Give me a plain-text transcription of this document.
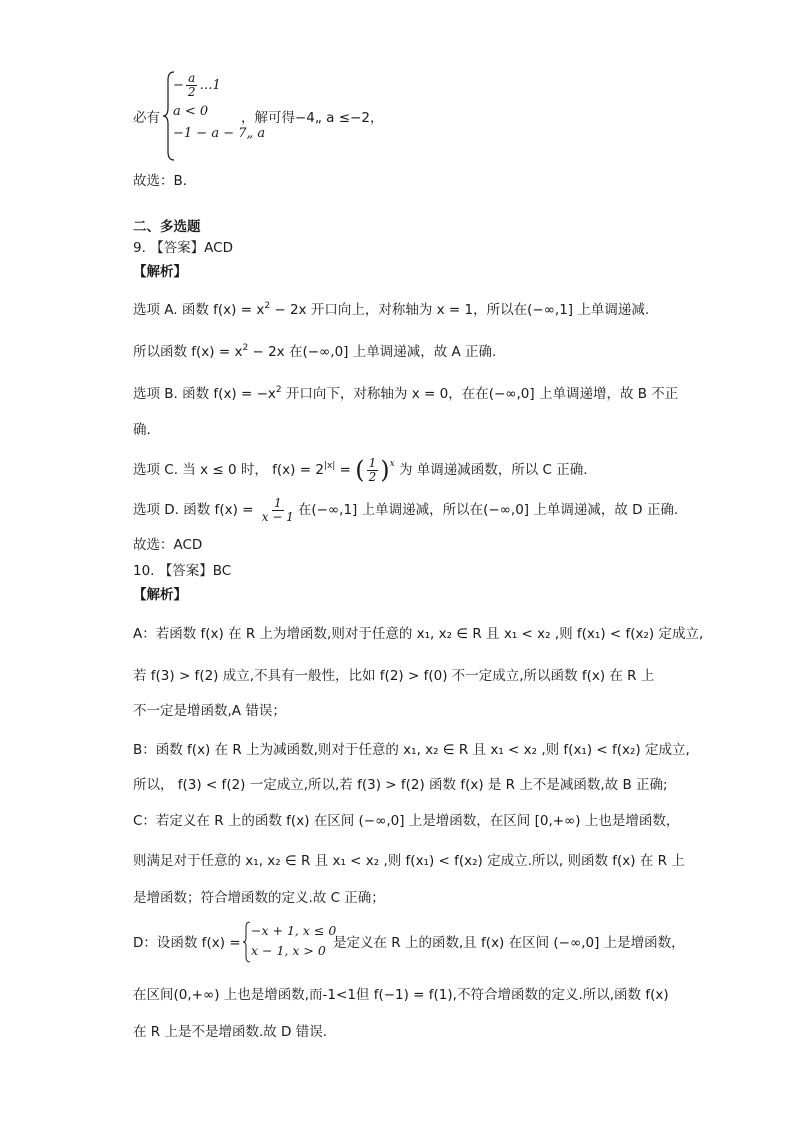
必有
− $\frac{a}{2}$ …1
a < 0
−1 − a − 7„ a
，解可得−4„ a ≤−2，
故选：B．
二、多选题
9. 【答案】ACD
【解析】
选项 A. 函数 $f(x) = x^2 - 2x$ 开口向上，对称轴为 x = 1，所以在(−∞,1] 上单调递减.
所以函数 $f(x) = x^2 - 2x$ 在(−∞,0] 上单调递减，故 A 正确.
选项 B. 函数 $f(x) = -x^2$ 开口向下，对称轴为 x = 0，在在(−∞,0] 上单调递增，故 B 不正
确.
选项 C. 当 x ≤ 0 时， $f(x) = 2^{|x|}$ = ( $\frac{1}{2} )^x$ 为 单调递减函数，所以 C 正确.
选项 D. 函数 $f(x) = \frac{1}{x - 1}$ 在(−∞,1] 上单调递减，所以在(−∞,0] 上单调递减，故 D 正确.
故选：ACD
10. 【答案】BC
【解析】
A：若函数 f(x) 在 R 上为增函数,则对于任意的 x₁, x₂ ∈ R 且 x₁ < x₂ ,则 f(x₁) < f(x₂) 定成立,
若 f(3) > f(2) 成立,不具有一般性，比如 f(2) > f(0) 不一定成立,所以函数 f(x) 在 R 上
不一定是增函数,A 错误；
B：函数 f(x) 在 R 上为减函数,则对于任意的 x₁, x₂ ∈ R 且 x₁ < x₂ ,则 f(x₁) < f(x₂) 定成立,
所以， f(3) < f(2) 一定成立,所以,若 f(3) > f(2) 函数 f(x) 是 R 上不是减函数,故 B 正确;
C：若定义在 R 上的函数 f(x) 在区间 (−∞,0] 上是增函数，在区间 [0,+∞) 上也是增函数，
则满足对于任意的 x₁, x₂ ∈ R 且 x₁ < x₂ ,则 f(x₁) < f(x₂) 定成立.所以, 则函数 f(x) 在 R 上
是增函数；符合增函数的定义.故 C 正确；
D：设函数 f(x) =
−x + 1, x ≤ 0
x − 1, x > 0 是定义在 R 上的函数,且 f(x) 在区间 (−∞,0] 上是增函数，
在区间(0,+∞) 上也是增函数,而-1<1但 f(−1) = f(1),不符合增函数的定义.所以,函数 f(x)
在 R 上是不是增函数.故 D 错误.
